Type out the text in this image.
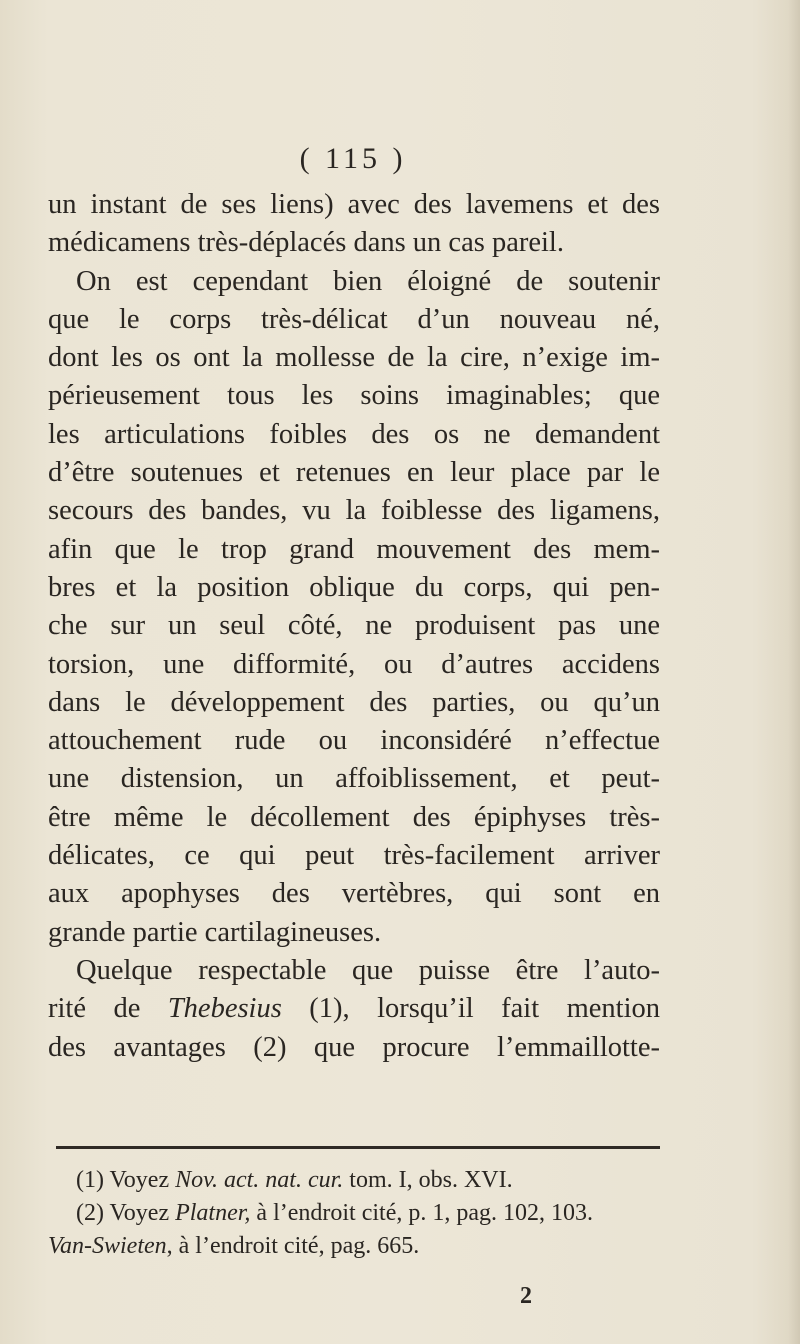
( 115 )
un instant de ses liens) avec des lavemens et des
médicamens très-déplacés dans un cas pareil.
On est cependant bien éloigné de soutenir
que le corps très-délicat d’un nouveau né,
dont les os ont la mollesse de la cire, n’exige im-
périeusement tous les soins imaginables; que
les articulations foibles des os ne demandent
d’être soutenues et retenues en leur place par le
secours des bandes, vu la foiblesse des ligamens,
afin que le trop grand mouvement des mem-
bres et la position oblique du corps, qui pen-
che sur un seul côté, ne produisent pas une
torsion, une difformité, ou d’autres accidens
dans le développement des parties, ou qu’un
attouchement rude ou inconsidéré n’effectue
une distension, un affoiblissement, et peut-
être même le décollement des épiphyses très-
délicates, ce qui peut très-facilement arriver
aux apophyses des vertèbres, qui sont en
grande partie cartilagineuses.
Quelque respectable que puisse être l’auto-
rité de Thebesius (1), lorsqu’il fait mention
des avantages (2) que procure l’emmaillotte-
(1) Voyez Nov. act. nat. cur. tom. I, obs. XVI.
(2) Voyez Platner, à l’endroit cité, p. 1, pag. 102, 103.
Van-Swieten, à l’endroit cité, pag. 665.
2
